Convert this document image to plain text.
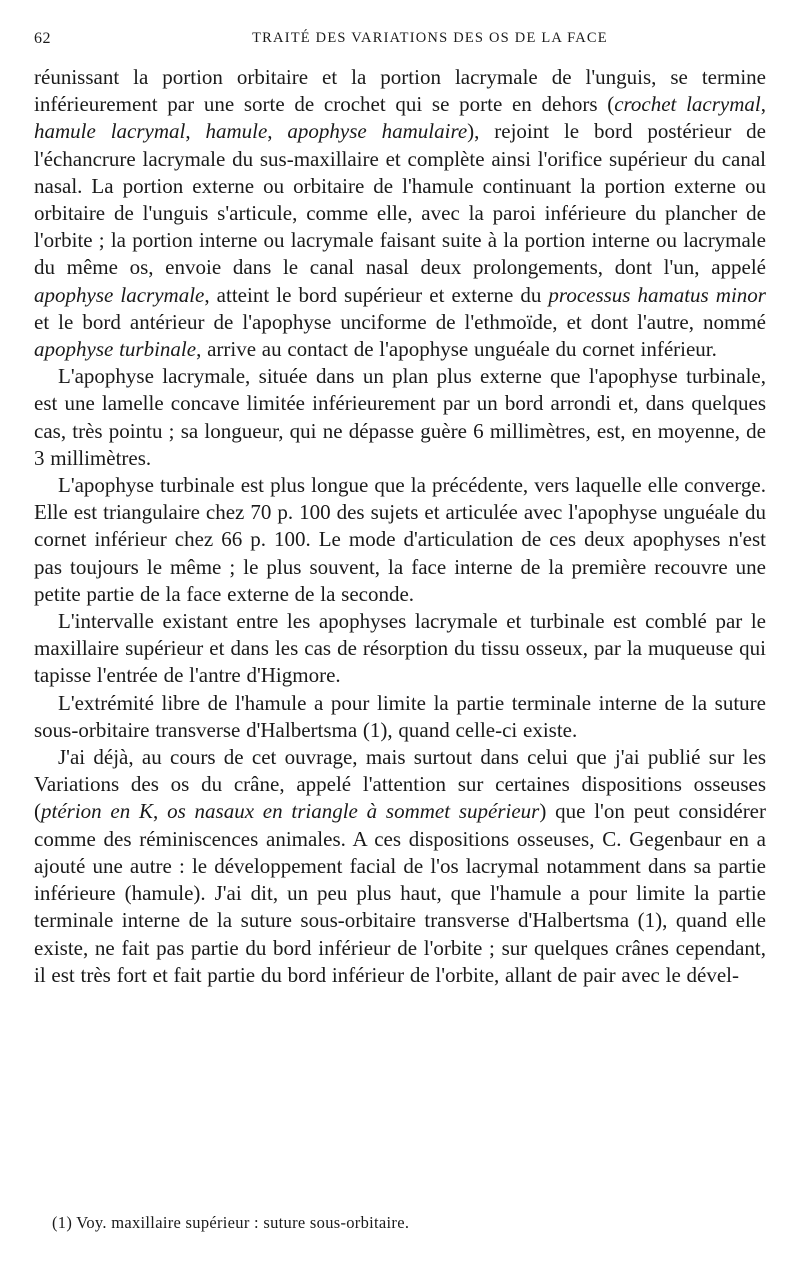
62	TRAITÉ DES VARIATIONS DES OS DE LA FACE

réunissant la portion orbitaire et la portion lacrymale de l'unguis, se termine inférieurement par une sorte de crochet qui se porte en dehors (crochet lacrymal, hamule lacrymal, hamule, apophyse hamulaire), rejoint le bord postérieur de l'échancrure lacrymale du sus-maxillaire et complète ainsi l'orifice supérieur du canal nasal. La portion externe ou orbitaire de l'hamule continuant la portion externe ou orbitaire de l'unguis s'articule, comme elle, avec la paroi inférieure du plancher de l'orbite ; la portion interne ou lacrymale faisant suite à la portion interne ou lacrymale du même os, envoie dans le canal nasal deux prolongements, dont l'un, appelé apophyse lacrymale, atteint le bord supérieur et externe du processus hamatus minor et le bord antérieur de l'apophyse unciforme de l'ethmoïde, et dont l'autre, nommé apophyse turbinale, arrive au contact de l'apophyse unguéale du cornet inférieur.

L'apophyse lacrymale, située dans un plan plus externe que l'apophyse turbinale, est une lamelle concave limitée inférieurement par un bord arrondi et, dans quelques cas, très pointu ; sa longueur, qui ne dépasse guère 6 millimètres, est, en moyenne, de 3 millimètres.

L'apophyse turbinale est plus longue que la précédente, vers laquelle elle converge. Elle est triangulaire chez 70 p. 100 des sujets et articulée avec l'apophyse unguéale du cornet inférieur chez 66 p. 100. Le mode d'articulation de ces deux apophyses n'est pas toujours le même ; le plus souvent, la face interne de la première recouvre une petite partie de la face externe de la seconde.

L'intervalle existant entre les apophyses lacrymale et turbinale est comblé par le maxillaire supérieur et dans les cas de résorption du tissu osseux, par la muqueuse qui tapisse l'entrée de l'antre d'Higmore.

L'extrémité libre de l'hamule a pour limite la partie terminale interne de la suture sous-orbitaire transverse d'Halbertsma (1), quand celle-ci existe.

J'ai déjà, au cours de cet ouvrage, mais surtout dans celui que j'ai publié sur les Variations des os du crâne, appelé l'attention sur certaines dispositions osseuses (ptérion en K, os nasaux en triangle à sommet supérieur) que l'on peut considérer comme des réminiscences animales. A ces dispositions osseuses, C. Gegenbaur en a ajouté une autre : le développement facial de l'os lacrymal notamment dans sa partie inférieure (hamule). J'ai dit, un peu plus haut, que l'hamule a pour limite la partie terminale interne de la suture sous-orbitaire transverse d'Halbertsma (1), quand elle existe, ne fait pas partie du bord inférieur de l'orbite ; sur quelques crânes cependant, il est très fort et fait partie du bord inférieur de l'orbite, allant de pair avec le dével-

(1) Voy. maxillaire supérieur : suture sous-orbitaire.
